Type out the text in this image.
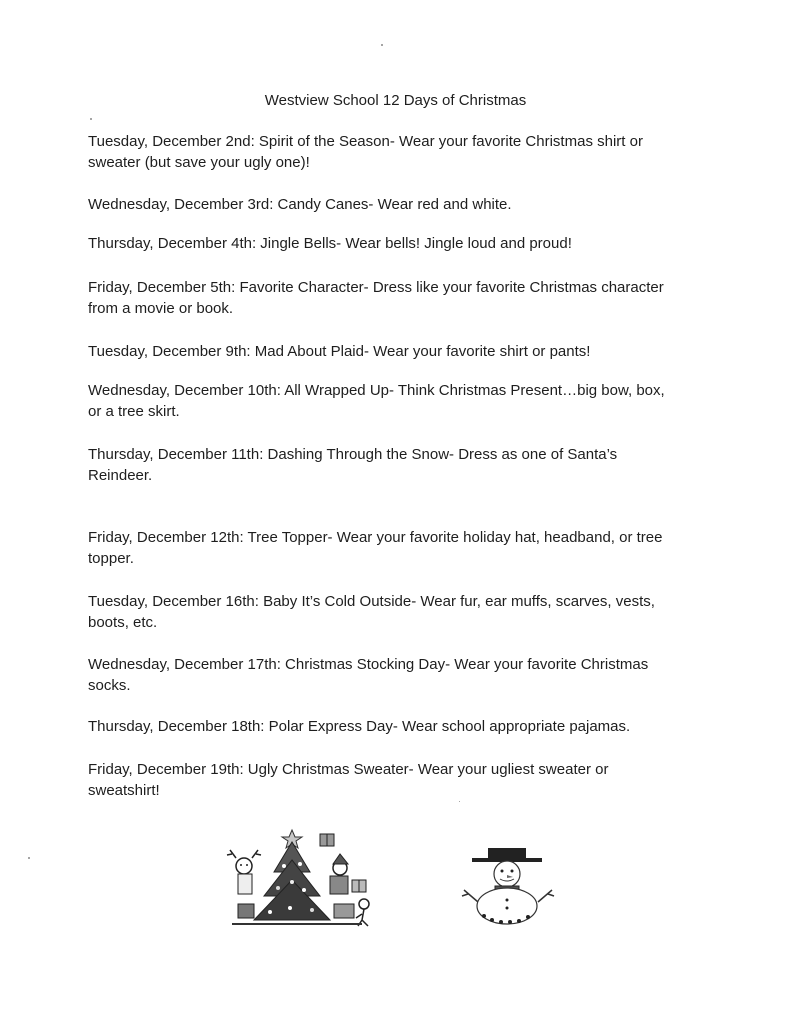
Westview School 12 Days of Christmas
Tuesday, December 2nd: Spirit of the Season- Wear your favorite Christmas shirt or
sweater (but save your ugly one)!
Wednesday, December 3rd: Candy Canes- Wear red and white.
Thursday, December 4th: Jingle Bells- Wear bells! Jingle loud and proud!
Friday, December 5th: Favorite Character- Dress like your favorite Christmas character
from a movie or book.
Tuesday, December 9th: Mad About Plaid- Wear your favorite shirt or pants!
Wednesday, December 10th: All Wrapped Up- Think Christmas Present…big bow, box,
or a tree skirt.
Thursday, December 11th: Dashing Through the Snow- Dress as one of Santa’s
Reindeer.
Friday, December 12th: Tree Topper- Wear your favorite holiday hat, headband, or tree
topper.
Tuesday, December 16th: Baby It’s Cold Outside- Wear fur, ear muffs, scarves, vests,
boots, etc.
Wednesday, December 17th: Christmas Stocking Day- Wear your favorite Christmas
socks.
Thursday, December 18th: Polar Express Day- Wear school appropriate pajamas.
Friday, December 19th: Ugly Christmas Sweater- Wear your ugliest sweater or
sweatshirt!
